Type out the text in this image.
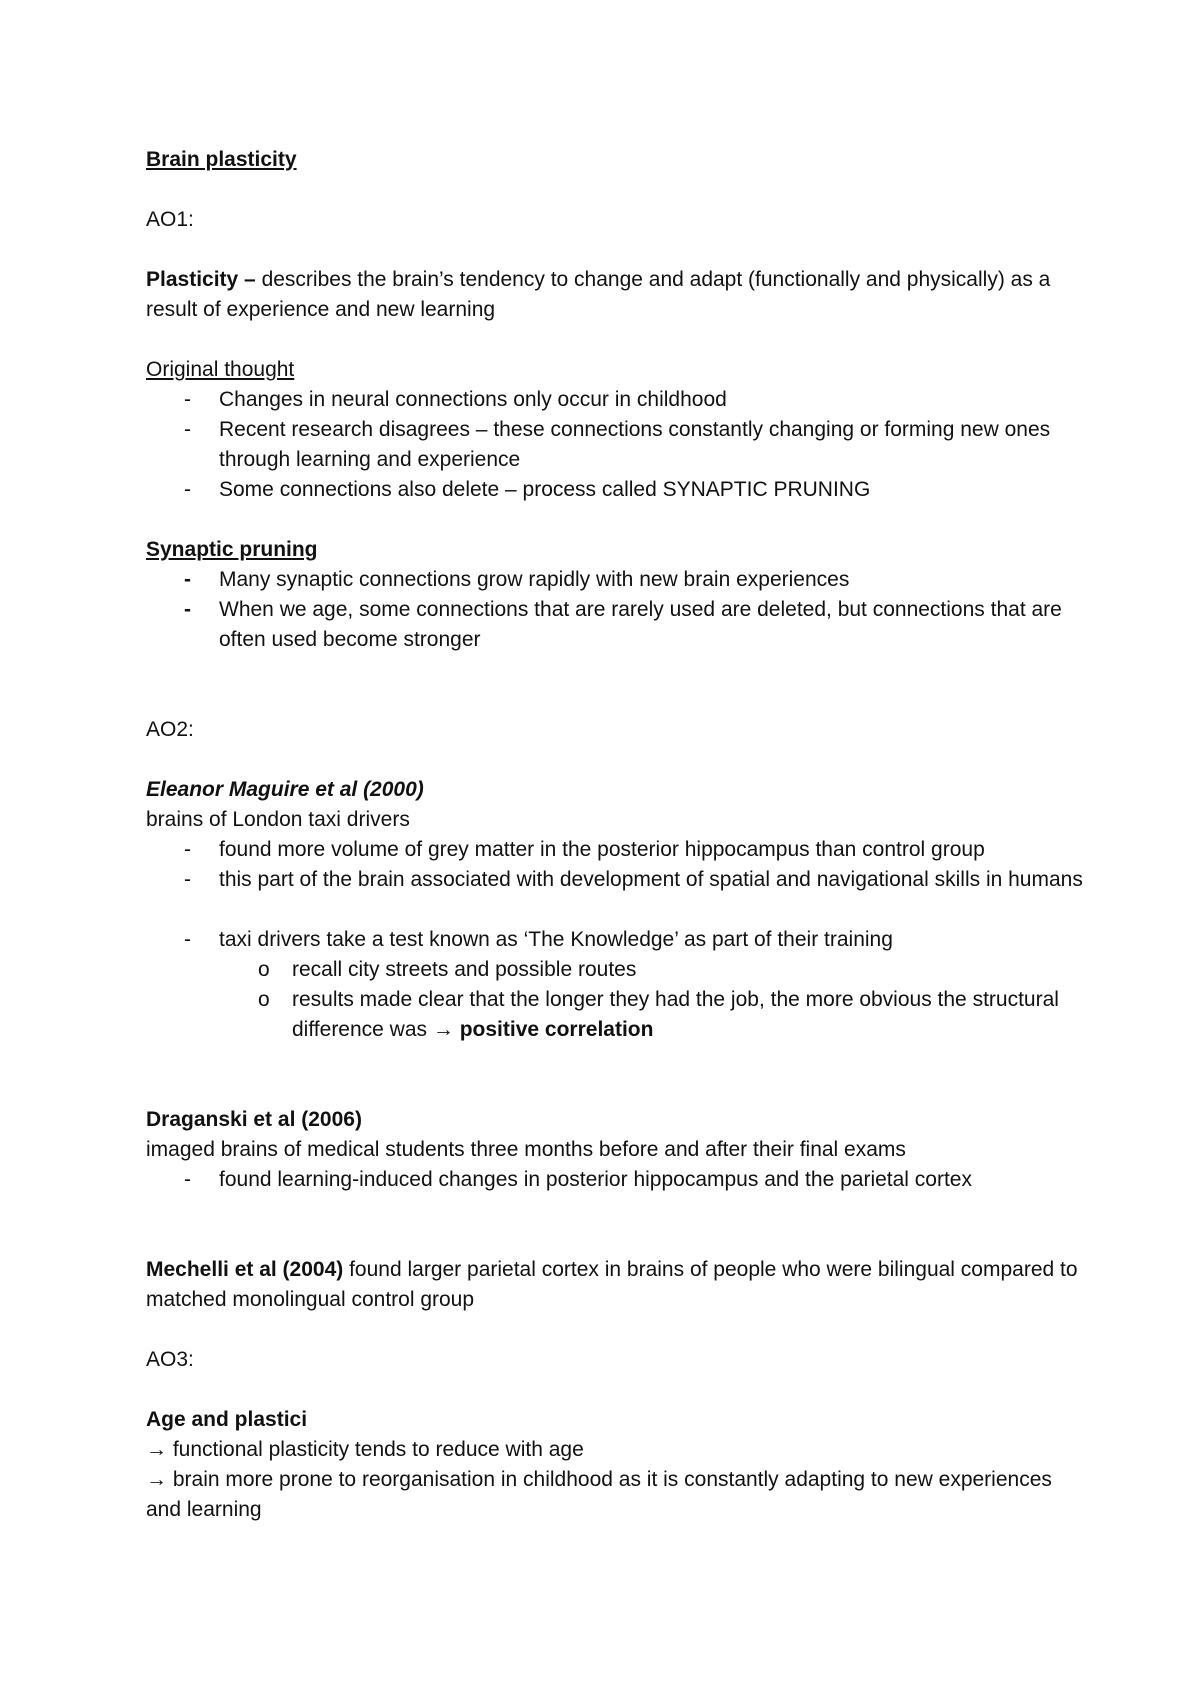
Brain plasticity

AO1:

Plasticity – describes the brain’s tendency to change and adapt (functionally and physically) as a result of experience and new learning

Original thought

- Changes in neural connections only occur in childhood

- Recent research disagrees – these connections constantly changing or forming new ones through learning and experience

- Some connections also delete – process called SYNAPTIC PRUNING

Synaptic pruning

- Many synaptic connections grow rapidly with new brain experiences

- When we age, some connections that are rarely used are deleted, but connections that are often used become stronger

AO2:

Eleanor Maguire et al (2000)

brains of London taxi drivers

- found more volume of grey matter in the posterior hippocampus than control group

- this part of the brain associated with development of spatial and navigational skills in humans

- taxi drivers take a test known as ‘The Knowledge’ as part of their training

o recall city streets and possible routes

o results made clear that the longer they had the job, the more obvious the structural difference was → positive correlation

Draganski et al (2006)

imaged brains of medical students three months before and after their final exams

- found learning-induced changes in posterior hippocampus and the parietal cortex

Mechelli et al (2004) found larger parietal cortex in brains of people who were bilingual compared to matched monolingual control group

AO3:

Age and plastici

→ functional plasticity tends to reduce with age

→ brain more prone to reorganisation in childhood as it is constantly adapting to new experiences and learning
